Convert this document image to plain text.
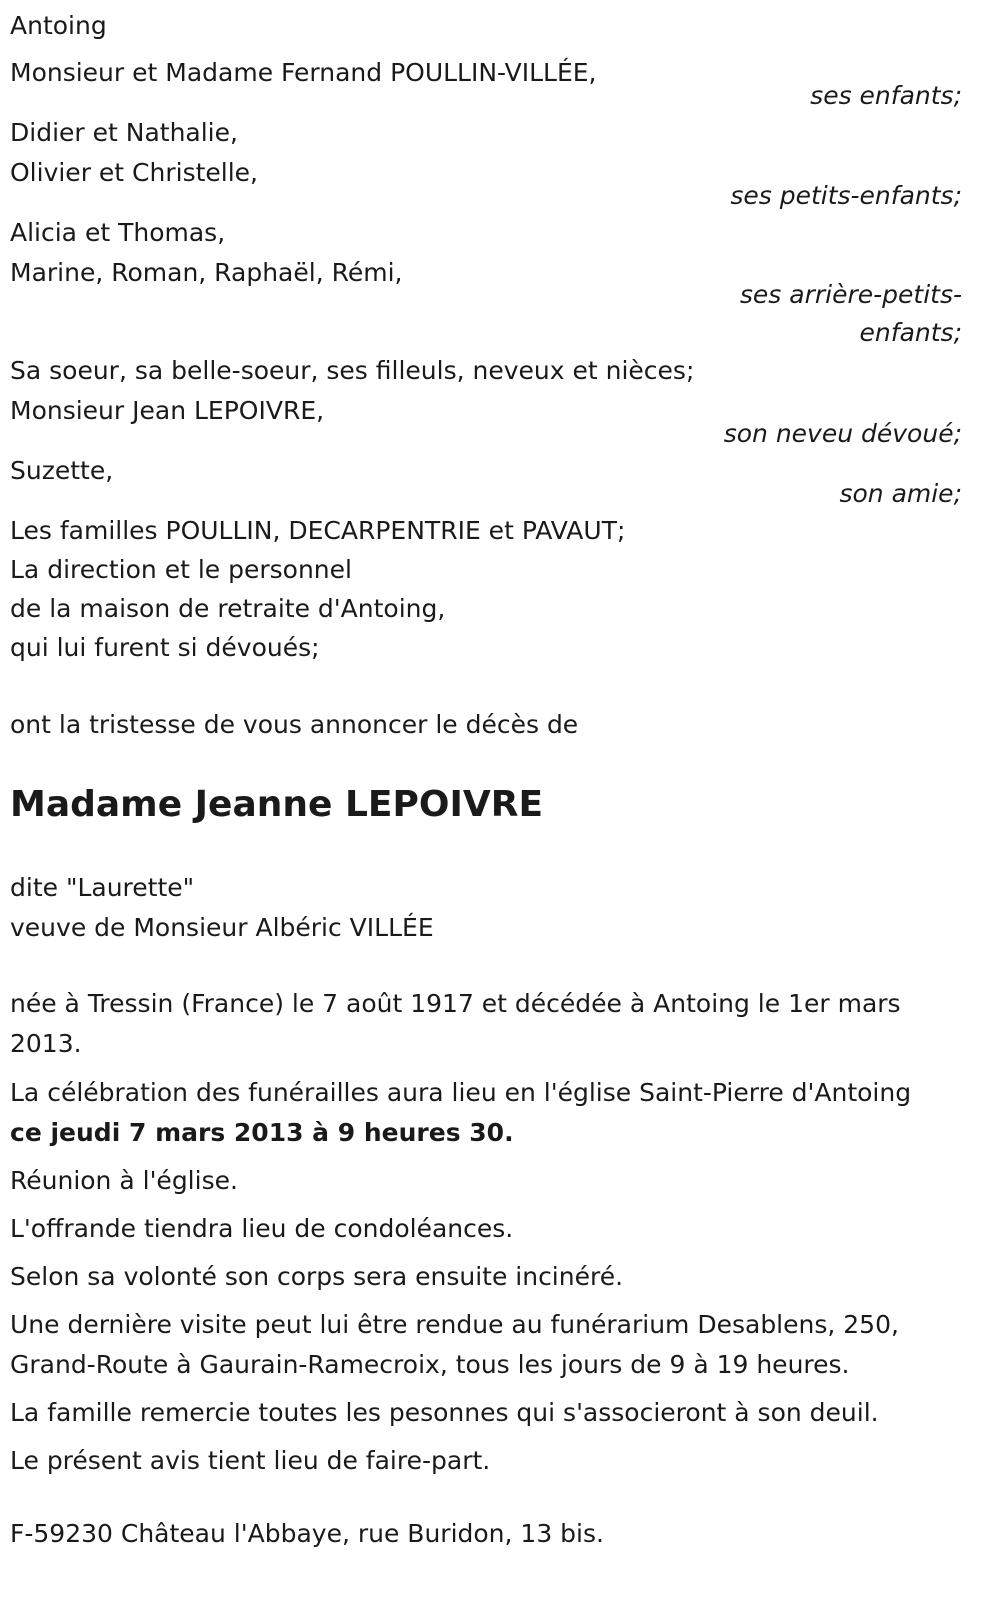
Antoing
Monsieur et Madame Fernand POULLIN-VILLÉE,
ses enfants;
Didier et Nathalie,
Olivier et Christelle,
ses petits-enfants;
Alicia et Thomas,
Marine, Roman, Raphaël, Rémi,
ses arrière-petits-
enfants;
Sa soeur, sa belle-soeur, ses filleuls, neveux et nièces;
Monsieur Jean LEPOIVRE,
son neveu dévoué;
Suzette,
son amie;
Les familles POULLIN, DECARPENTRIE et PAVAUT;
La direction et le personnel
de la maison de retraite d'Antoing,
qui lui furent si dévoués;
ont la tristesse de vous annoncer le décès de
Madame Jeanne LEPOIVRE
dite "Laurette"
veuve de Monsieur Albéric VILLÉE
née à Tressin (France) le 7 août 1917 et décédée à Antoing le 1er mars 2013.
La célébration des funérailles aura lieu en l'église Saint-Pierre d'Antoing
ce jeudi 7 mars 2013 à 9 heures 30.
Réunion à l'église.
L'offrande tiendra lieu de condoléances.
Selon sa volonté son corps sera ensuite incinéré.
Une dernière visite peut lui être rendue au funérarium Desablens, 250, Grand-Route à Gaurain-Ramecroix, tous les jours de 9 à 19 heures.
La famille remercie toutes les pesonnes qui s'associeront à son deuil.
Le présent avis tient lieu de faire-part.
F-59230 Château l'Abbaye, rue Buridon, 13 bis.
